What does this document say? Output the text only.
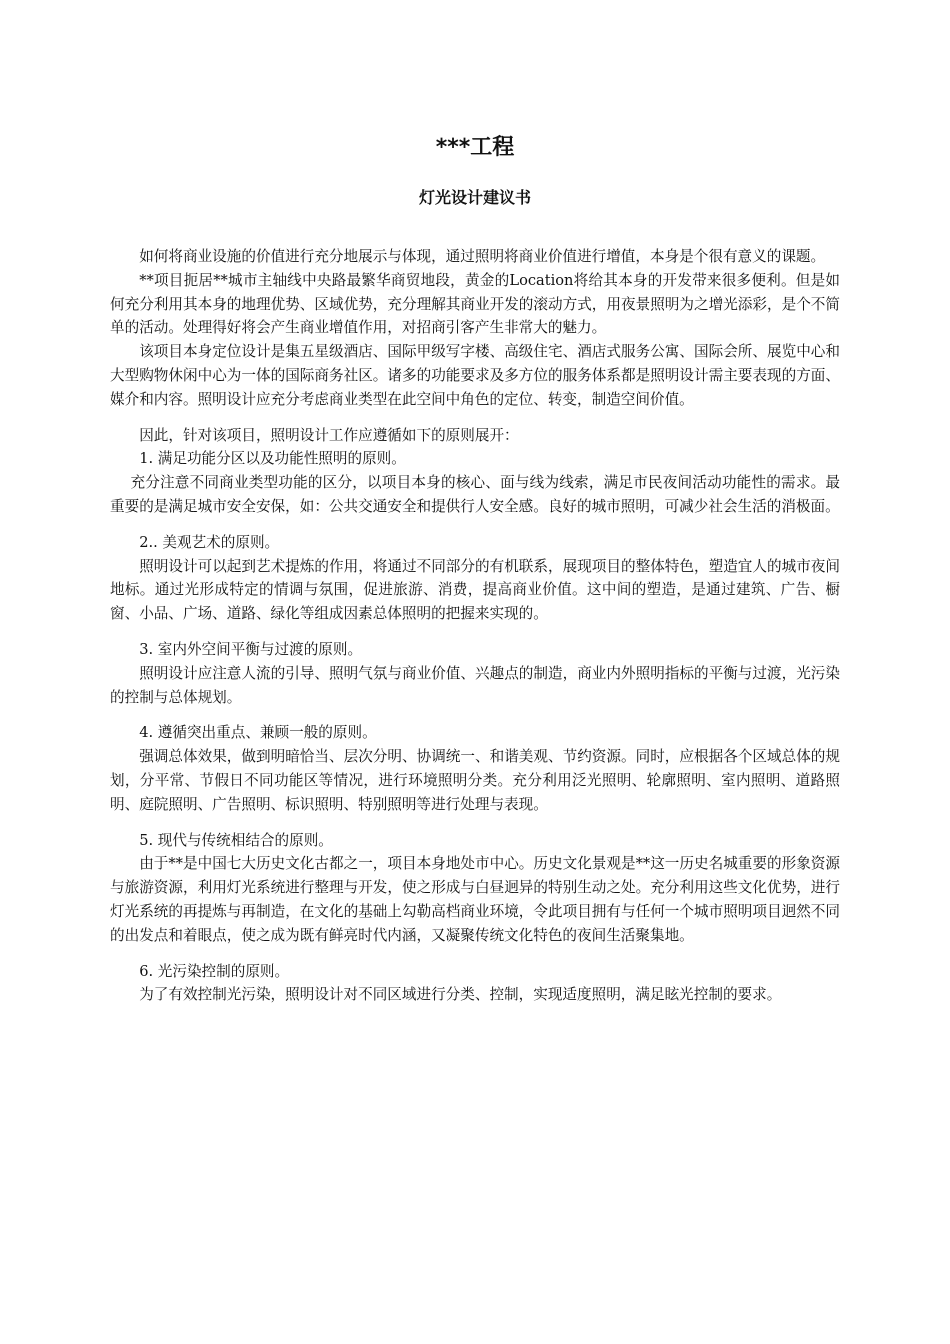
***工程
灯光设计建议书

如何将商业设施的价值进行充分地展示与体现，通过照明将商业价值进行增值，本身是个很有意义的课题。

**项目扼居**城市主轴线中央路最繁华商贸地段，黄金的Location将给其本身的开发带来很多便利。但是如何充分利用其本身的地理优势、区域优势，充分理解其商业开发的滚动方式，用夜景照明为之增光添彩，是个不简单的活动。处理得好将会产生商业增值作用，对招商引客产生非常大的魅力。

该项目本身定位设计是集五星级酒店、国际甲级写字楼、高级住宅、酒店式服务公寓、国际会所、展览中心和大型购物休闲中心为一体的国际商务社区。诸多的功能要求及多方位的服务体系都是照明设计需主要表现的方面、媒介和内容。照明设计应充分考虑商业类型在此空间中角色的定位、转变，制造空间价值。

因此，针对该项目，照明设计工作应遵循如下的原则展开：

1. 满足功能分区以及功能性照明的原则。

充分注意不同商业类型功能的区分，以项目本身的核心、面与线为线索，满足市民夜间活动功能性的需求。最重要的是满足城市安全安保，如：公共交通安全和提供行人安全感。良好的城市照明，可减少社会生活的消极面。

2.. 美观艺术的原则。

照明设计可以起到艺术提炼的作用，将通过不同部分的有机联系，展现项目的整体特色，塑造宜人的城市夜间地标。通过光形成特定的情调与氛围，促进旅游、消费，提高商业价值。这中间的塑造，是通过建筑、广告、橱窗、小品、广场、道路、绿化等组成因素总体照明的把握来实现的。

3. 室内外空间平衡与过渡的原则。

照明设计应注意人流的引导、照明气氛与商业价值、兴趣点的制造，商业内外照明指标的平衡与过渡，光污染的控制与总体规划。

4. 遵循突出重点、兼顾一般的原则。

强调总体效果，做到明暗恰当、层次分明、协调统一、和谐美观、节约资源。同时，应根据各个区域总体的规划，分平常、节假日不同功能区等情况，进行环境照明分类。充分利用泛光照明、轮廓照明、室内照明、道路照明、庭院照明、广告照明、标识照明、特别照明等进行处理与表现。

5. 现代与传统相结合的原则。

由于**是中国七大历史文化古都之一，项目本身地处市中心。历史文化景观是**这一历史名城重要的形象资源与旅游资源，利用灯光系统进行整理与开发，使之形成与白昼迥异的特别生动之处。充分利用这些文化优势，进行灯光系统的再提炼与再制造，在文化的基础上勾勒高档商业环境，令此项目拥有与任何一个城市照明项目迥然不同的出发点和着眼点，使之成为既有鲜亮时代内涵，又凝聚传统文化特色的夜间生活聚集地。

6. 光污染控制的原则。

为了有效控制光污染，照明设计对不同区域进行分类、控制，实现适度照明，满足眩光控制的要求。
